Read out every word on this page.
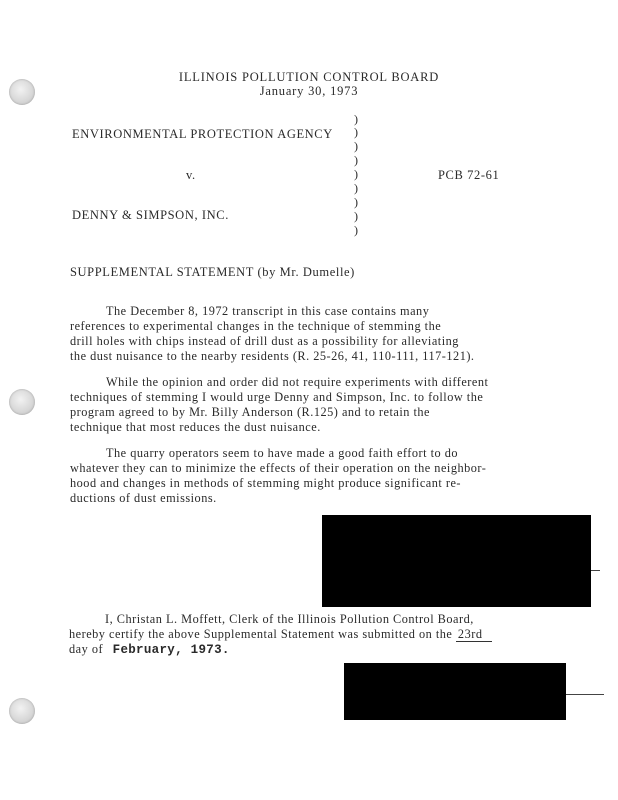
ILLINOIS POLLUTION CONTROL BOARD
January 30, 1973
ENVIRONMENTAL PROTECTION AGENCY
v.	PCB 72-61
DENNY & SIMPSON, INC.
)
)
)
)
)
)
)
)
)
SUPPLEMENTAL STATEMENT (by Mr. Dumelle)
The December 8, 1972 transcript in this case contains many
references to experimental changes in the technique of stemming the
drill holes with chips instead of drill dust as a possibility for alleviating
the dust nuisance to the nearby residents (R. 25-26, 41, 110-111, 117-121).
While the opinion and order did not require experiments with different
techniques of stemming I would urge Denny and Simpson, Inc. to follow the
program agreed to by Mr. Billy Anderson (R.125) and to retain the
technique that most reduces the dust nuisance.
The quarry operators seem to have made a good faith effort to do
whatever they can to minimize the effects of their operation on the neighbor-
hood and changes in methods of stemming might produce significant re-
ductions of dust emissions.
I, Christan L. Moffett, Clerk of the Illinois Pollution Control Board,
hereby certify the above Supplemental Statement was submitted on the 23rd
day of February, 1973.
